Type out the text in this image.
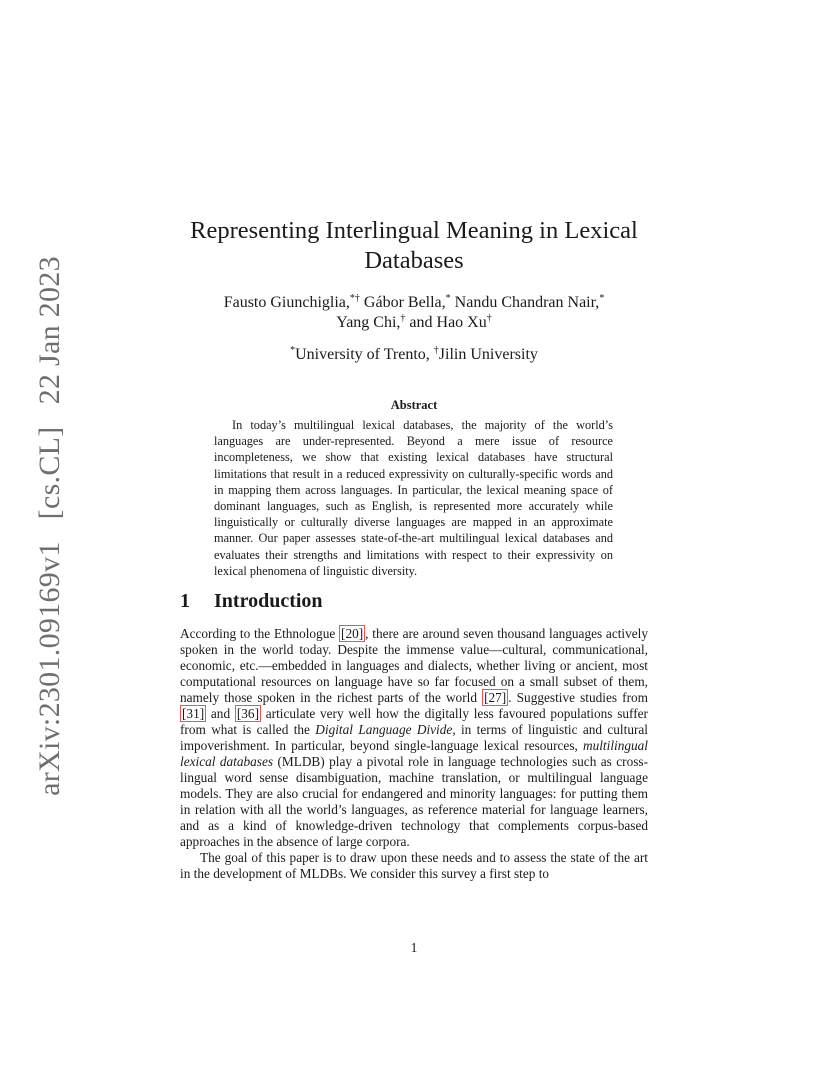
arXiv:2301.09169v1[cs.CL]22 Jan 2023
Representing Interlingual Meaning in Lexical Databases
Fausto Giunchiglia,*† Gábor Bella,* Nandu Chandran Nair,*
Yang Chi,† and Hao Xu†
*University of Trento, †Jilin University
Abstract
In today’s multilingual lexical databases, the majority of the world’s languages are under-represented. Beyond a mere issue of resource incompleteness, we show that existing lexical databases have structural limitations that result in a reduced expressivity on culturally-specific words and in mapping them across languages. In particular, the lexical meaning space of dominant languages, such as English, is represented more accurately while linguistically or culturally diverse languages are mapped in an approximate manner. Our paper assesses state-of-the-art multilingual lexical databases and evaluates their strengths and limitations with respect to their expressivity on lexical phenomena of linguistic diversity.
1 Introduction

According to the Ethnologue [20] , there are around seven thousand languages actively spoken in the world today. Despite the immense value—cultural, communicational, economic, etc.—embedded in languages and dialects, whether living or ancient, most computational resources on language have so far focused on a small subset of them, namely those spoken in the richest parts of the world [27] . Suggestive studies from [31] and [36] articulate very well how the digitally less favoured populations suffer from what is called the Digital Language Divide, in terms of linguistic and cultural impoverishment. In particular, beyond single-language lexical resources, multilingual lexical databases (MLDB) play a pivotal role in language technologies such as cross-lingual word sense disambiguation, machine translation, or multilingual language models. They are also crucial for endangered and minority languages: for putting them in relation with all the world’s languages, as reference material for language learners, and as a kind of knowledge-driven technology that complements corpus-based approaches in the absence of large corpora.

The goal of this paper is to draw upon these needs and to assess the state of the art in the development of MLDBs. We consider this survey a first step to

1
